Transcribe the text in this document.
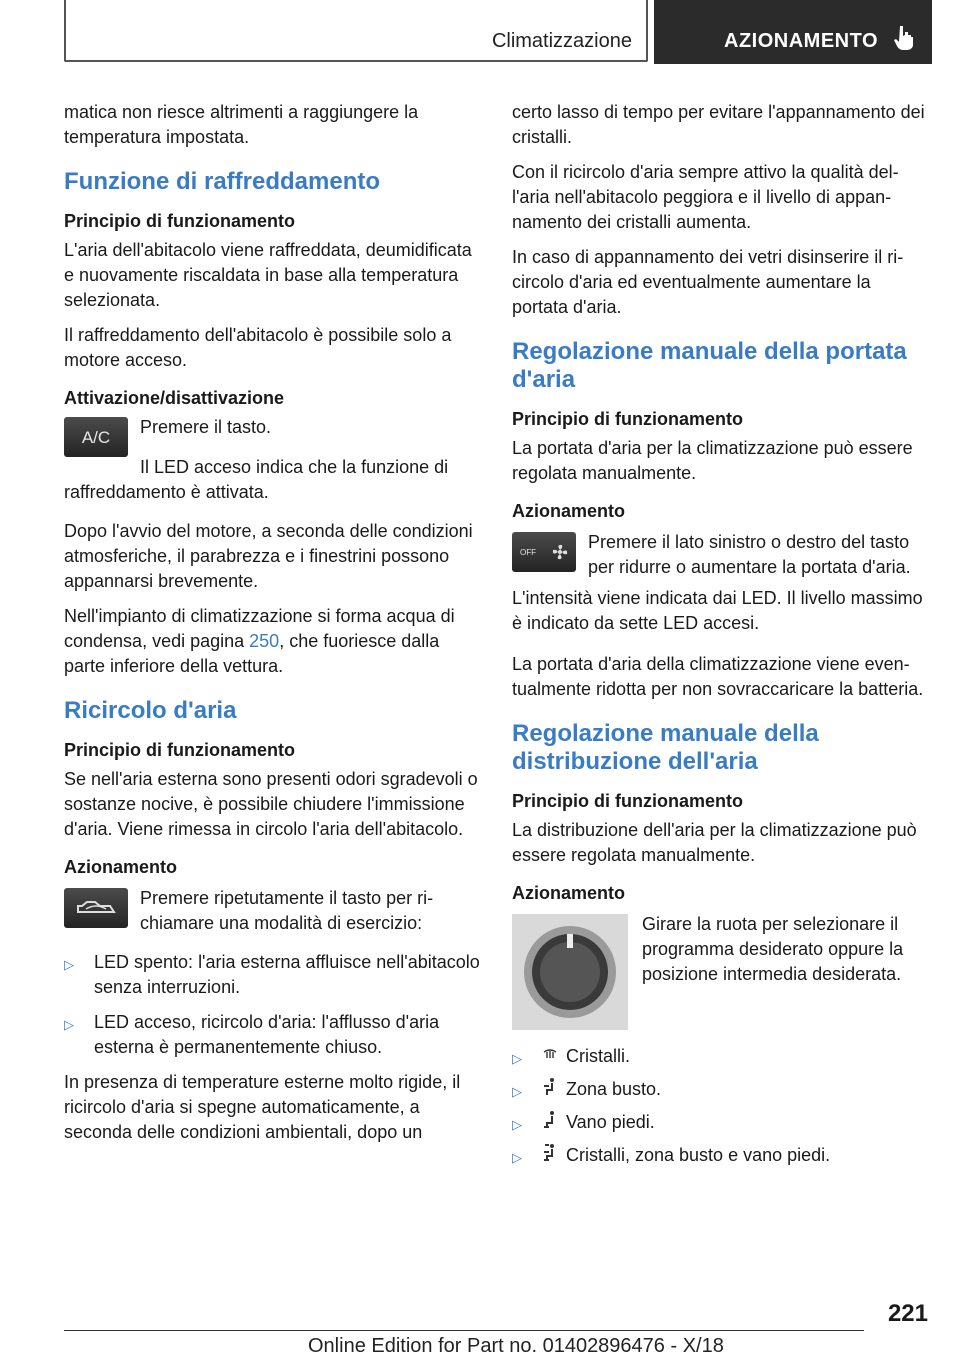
Climatizzazione	AZIONAMENTO

matica non riesce altrimenti a raggiungere la temperatura impostata.

Funzione di raffreddamento
Principio di funzionamento

L'aria dell'abitacolo viene raffreddata, deumidificata e nuovamente riscaldata in base alla temperatura selezionata.

Il raffreddamento dell'abitacolo è possibile solo a motore acceso.

Attivazione/disattivazione
A/C	Premere il tasto.

Il LED acceso indica che la funzione di raffreddamento è attivata.

Dopo l'avvio del motore, a seconda delle condizioni atmosferiche, il parabrezza e i finestrini possono appannarsi brevemente.

Nell'impianto di climatizzazione si forma acqua di condensa, vedi pagina 250, che fuoriesce dalla parte inferiore della vettura.

Ricircolo d'aria
Principio di funzionamento

Se nell'aria esterna sono presenti odori sgradevoli o sostanze nocive, è possibile chiudere l'immissione d'aria. Viene rimessa in circolo l'aria dell'abitacolo.

Azionamento

Premere ripetutamente il tasto per richiamare una modalità di esercizio:

▷	LED spento: l'aria esterna affluisce nell'abitacolo senza interruzioni.
▷	LED acceso, ricircolo d'aria: l'afflusso d'aria esterna è permanentemente chiuso.

In presenza di temperature esterne molto rigide, il ricircolo d'aria si spegne automaticamente, a seconda delle condizioni ambientali, dopo un

certo lasso di tempo per evitare l'appannamento dei cristalli.

Con il ricircolo d'aria sempre attivo la qualità dell'aria nell'abitacolo peggiora e il livello di appannamento dei cristalli aumenta.

In caso di appannamento dei vetri disinserire il ricircolo d'aria ed eventualmente aumentare la portata d'aria.

Regolazione manuale della portata d'aria
Principio di funzionamento

La portata d'aria per la climatizzazione può essere regolata manualmente.

Azionamento
OFF	Premere il lato sinistro o destro del tasto per ridurre o aumentare la portata d'aria.

L'intensità viene indicata dai LED. Il livello massimo è indicato da sette LED accesi.

La portata d'aria della climatizzazione viene eventualmente ridotta per non sovraccaricare la batteria.

Regolazione manuale della distribuzione dell'aria
Principio di funzionamento

La distribuzione dell'aria per la climatizzazione può essere regolata manualmente.

Azionamento

Girare la ruota per selezionare il programma desiderato oppure la posizione intermedia desiderata.

▷	Cristalli.
▷	Zona busto.
▷	Vano piedi.
▷	Cristalli, zona busto e vano piedi.
221
Online Edition for Part no. 01402896476 - X/18
